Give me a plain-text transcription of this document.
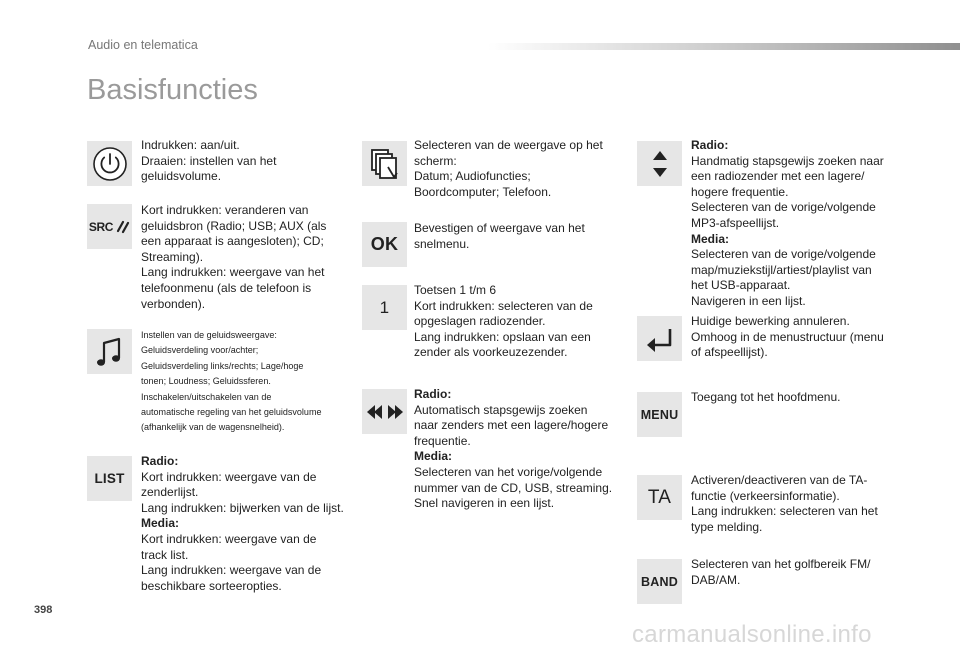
Audio en telematica
Basisfuncties
Indrukken: aan/uit.
Draaien: instellen van het
geluidsvolume.
SRC
Kort indrukken: veranderen van
geluidsbron (Radio; USB; AUX (als
een apparaat is aangesloten); CD;
Streaming).
Lang indrukken: weergave van het
telefoonmenu (als de telefoon is
verbonden).
Instellen van de geluidsweergave:
Geluidsverdeling voor/achter;
Geluidsverdeling links/rechts; Lage/hoge
tonen; Loudness; Geluidssferen.
Inschakelen/uitschakelen van de
automatische regeling van het geluidsvolume
(afhankelijk van de wagensnelheid).
LIST
Radio:
Kort indrukken: weergave van de
zenderlijst.
Lang indrukken: bijwerken van de lijst.
Media:
Kort indrukken: weergave van de
track list.
Lang indrukken: weergave van de
beschikbare sorteeropties.
Selecteren van de weergave op het
scherm:
Datum; Audiofuncties;
Boordcomputer; Telefoon.
OK
Bevestigen of weergave van het
snelmenu.
1
Toetsen 1 t/m 6
Kort indrukken: selecteren van de
opgeslagen radiozender.
Lang indrukken: opslaan van een
zender als voorkeuzezender.
Radio:
Automatisch stapsgewijs zoeken
naar zenders met een lagere/hogere
frequentie.
Media:
Selecteren van het vorige/volgende
nummer van de CD, USB, streaming.
Snel navigeren in een lijst.
Radio:
Handmatig stapsgewijs zoeken naar
een radiozender met een lagere/
hogere frequentie.
Selecteren van de vorige/volgende
MP3-afspeellijst.
Media:
Selecteren van de vorige/volgende
map/muziekstijl/artiest/playlist van
het USB-apparaat.
Navigeren in een lijst.
Huidige bewerking annuleren.
Omhoog in de menustructuur (menu
of afspeellijst).
MENU
Toegang tot het hoofdmenu.
TA
Activeren/deactiveren van de TA-
functie (verkeersinformatie).
Lang indrukken: selecteren van het
type melding.
BAND
Selecteren van het golfbereik FM/
DAB/AM.
398
carmanualsonline.info
